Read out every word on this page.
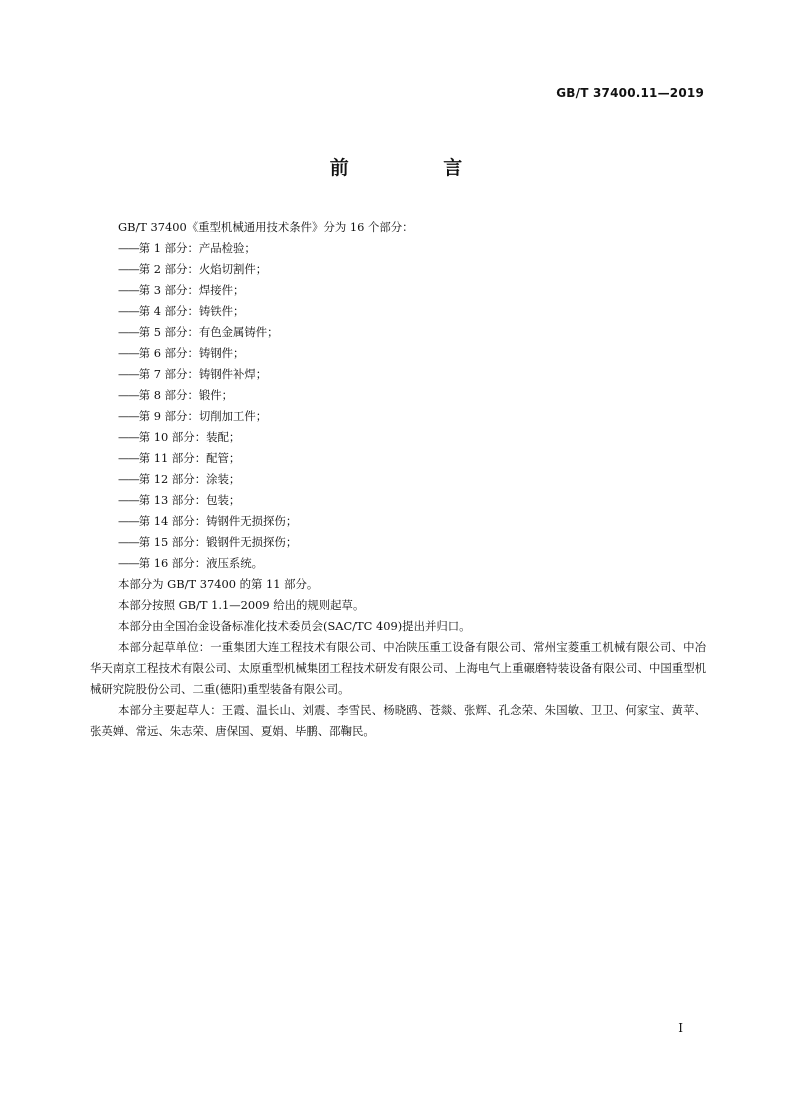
GB/T 37400.11—2019
前 言

GB/T 37400《重型机械通用技术条件》分为 16 个部分：

——第 1 部分：产品检验；

——第 2 部分：火焰切割件；

——第 3 部分：焊接件；

——第 4 部分：铸铁件；

——第 5 部分：有色金属铸件；

——第 6 部分：铸钢件；

——第 7 部分：铸钢件补焊；

——第 8 部分：锻件；

——第 9 部分：切削加工件；

——第 10 部分：装配；

——第 11 部分：配管；

——第 12 部分：涂装；

——第 13 部分：包装；

——第 14 部分：铸钢件无损探伤；

——第 15 部分：锻钢件无损探伤；

——第 16 部分：液压系统。

本部分为 GB/T 37400 的第 11 部分。

本部分按照 GB/T 1.1—2009 给出的规则起草。

本部分由全国冶金设备标准化技术委员会(SAC/TC 409)提出并归口。

本部分起草单位：一重集团大连工程技术有限公司、中冶陕压重工设备有限公司、常州宝菱重工机械有限公司、中冶华天南京工程技术有限公司、太原重型机械集团工程技术研发有限公司、上海电气上重碾磨特装设备有限公司、中国重型机械研究院股份公司、二重(德阳)重型装备有限公司。

本部分主要起草人：王霞、温长山、刘震、李雪民、杨晓鸥、苍燚、张辉、孔念荣、朱国敏、卫卫、何家宝、黄苹、张英婵、常远、朱志荣、唐保国、夏娟、毕鹏、邵鞠民。

I
